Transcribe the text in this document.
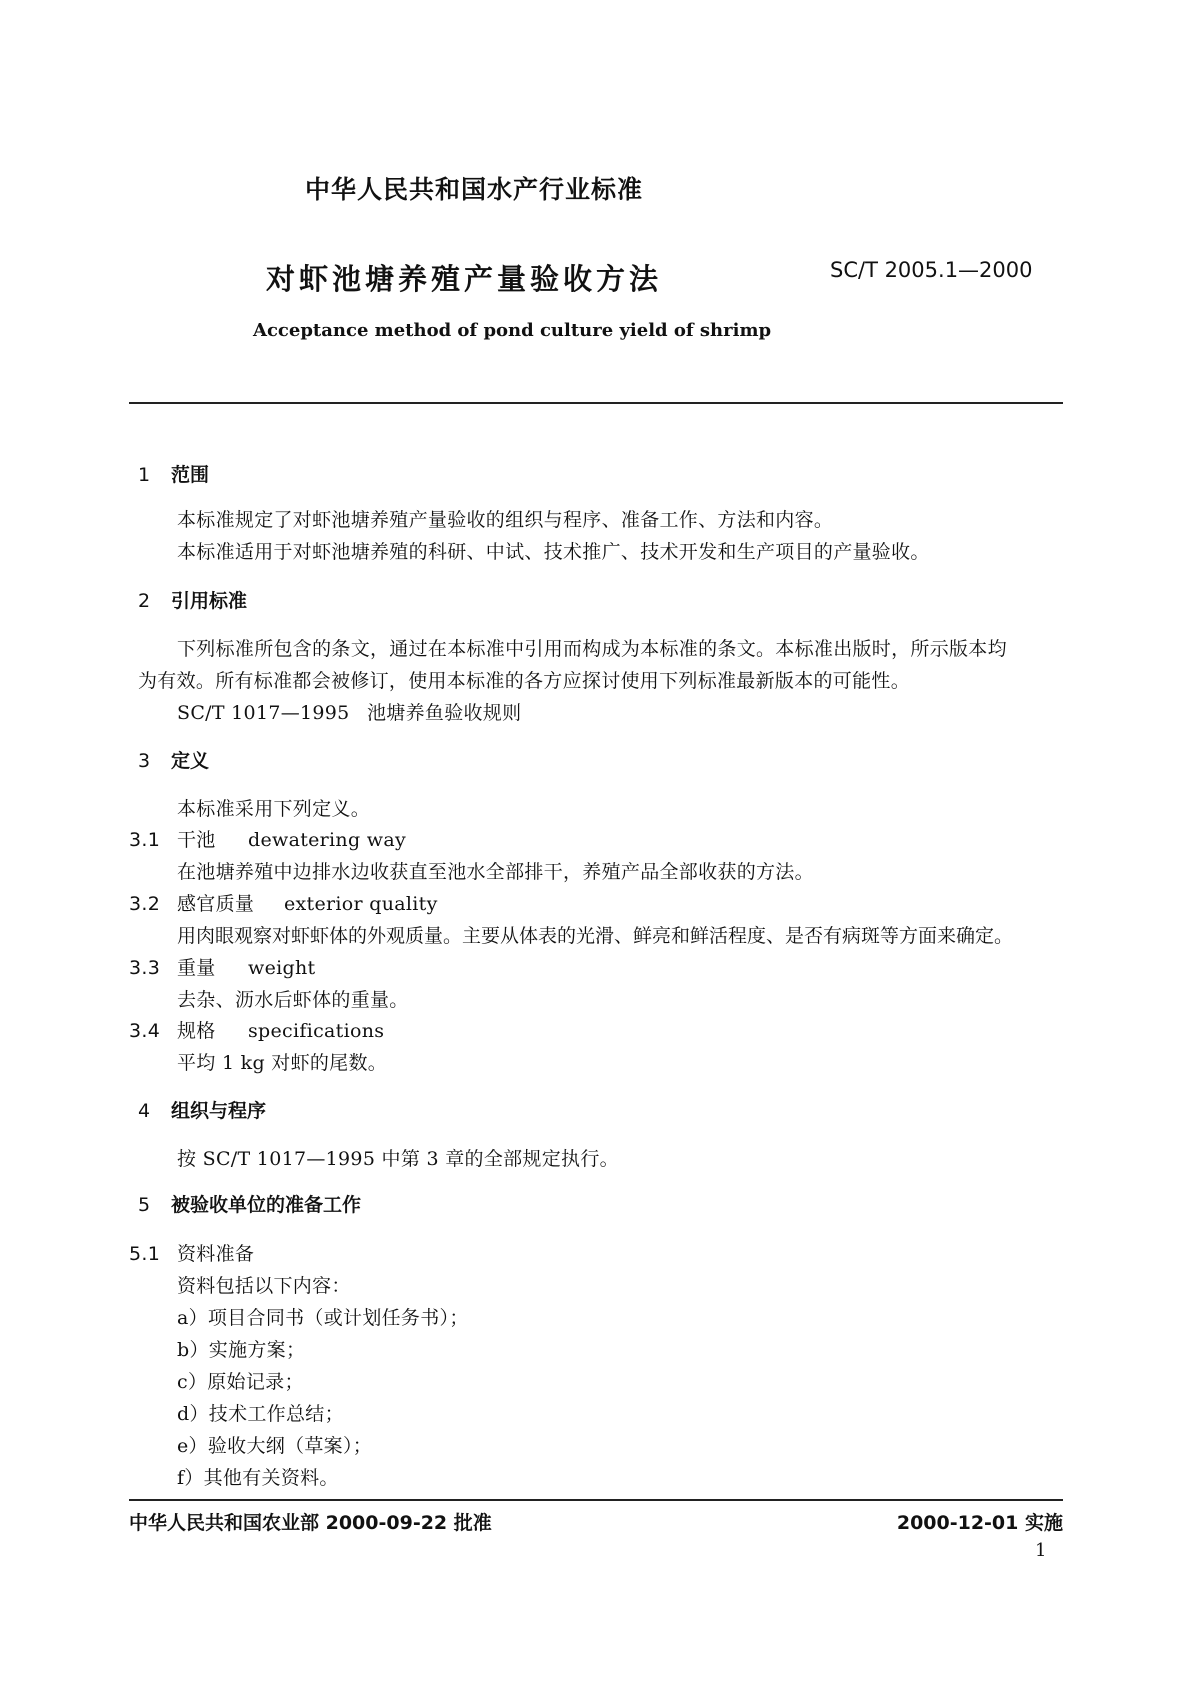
中华人民共和国水产行业标准
对虾池塘养殖产量验收方法	SC/T 2005.1—2000
Acceptance method of pond culture yield of shrimp
1 范围
本标准规定了对虾池塘养殖产量验收的组织与程序、准备工作、方法和内容。
本标准适用于对虾池塘养殖的科研、中试、技术推广、技术开发和生产项目的产量验收。
2 引用标准
下列标准所包含的条文，通过在本标准中引用而构成为本标准的条文。本标准出版时，所示版本均
为有效。所有标准都会被修订，使用本标准的各方应探讨使用下列标准最新版本的可能性。
SC/T 1017—1995 池塘养鱼验收规则
3 定义
本标准采用下列定义。
3.1 干池 dewatering way
在池塘养殖中边排水边收获直至池水全部排干，养殖产品全部收获的方法。
3.2 感官质量 exterior quality
用肉眼观察对虾虾体的外观质量。主要从体表的光滑、鲜亮和鲜活程度、是否有病斑等方面来确定。
3.3 重量 weight
去杂、沥水后虾体的重量。
3.4 规格 specifications
平均 1 kg 对虾的尾数。
4 组织与程序
按 SC/T 1017—1995 中第 3 章的全部规定执行。
5 被验收单位的准备工作
5.1 资料准备
资料包括以下内容：
a）项目合同书（或计划任务书）；
b）实施方案；
c）原始记录；
d）技术工作总结；
e）验收大纲（草案）；
f）其他有关资料。
中华人民共和国农业部 2000-09-22 批准	2000-12-01 实施
1
